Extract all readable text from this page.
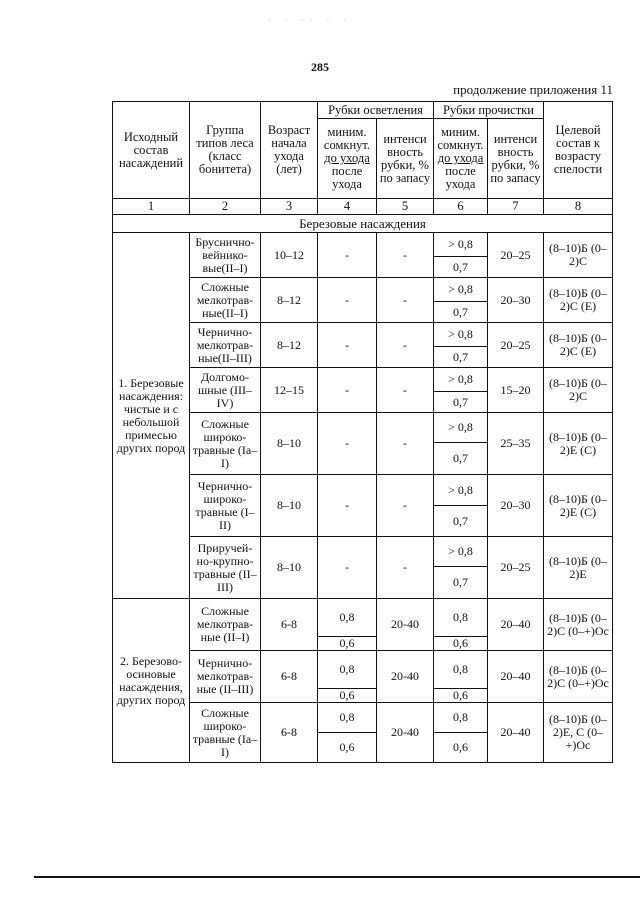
· · ·· · ·
285
продолжение приложения 11
Исходный состав насаждений	Группа типов леса (класс бонитета)	Возраст начала ухода (лет)	Рубки осветления		Рубки прочистки		Целевой состав к возрасту спелости
			миним. сомкнут.
до ухода
после ухода	интенси вность рубки, % по запасу	миним. сомкнут.
до ухода
после ухода	интенси вность рубки, % по запасу	
1	2	3	4	5	6	7	8
Березовые насаждения							
1. Березовые насаждения: чистые и с небольшой примесью других пород	Бруснично-вейнико-вые(II–I)	10–12	-	-	> 0,8	20–25	(8–10)Б (0–2)С
					0,7		
	Сложные мелкотрав-ные(II–I)	8–12	-	-	> 0,8	20–30	(8–10)Б (0–2)С (Е)
					0,7		
	Чернично-мелкотрав-ные(II–III)	8–12	-	-	> 0,8	20–25	(8–10)Б (0–2)С (Е)
					0,7		
	Долгомо-шные (III–IV)	12–15	-	-	> 0,8	15–20	(8–10)Б (0–2)С
					0,7		
	Сложные широко-травные (Ia–I)	8–10	-	-	> 0,8	25–35	(8–10)Б (0–2)Е (С)
					0,7		
	Чернично-широко-травные (I–II)	8–10	-	-	> 0,8	20–30	(8–10)Б (0–2)Е (С)
					0,7		
	Приручей-но-крупно-травные (II–III)	8–10	-	-	> 0,8	20–25	(8–10)Б (0–2)Е
					0,7		
2. Березово-осиновые насаждения, других пород	Сложные мелкотрав-ные (II–I)	6-8	0,8	20-40	0,8	20–40	(8–10)Б (0–2)С (0–+)Ос
			0,6		0,6		
	Чернично-мелкотрав-ные (II–III)	6-8	0,8	20-40	0,8	20–40	(8–10)Б (0–2)С (0–+)Ос
			0,6		0,6		
	Сложные широко-травные (Ia–I)	6-8	0,8	20-40	0,8	20–40	(8–10)Б (0–2)Е, С (0–+)Ос
			0,6		0,6		
